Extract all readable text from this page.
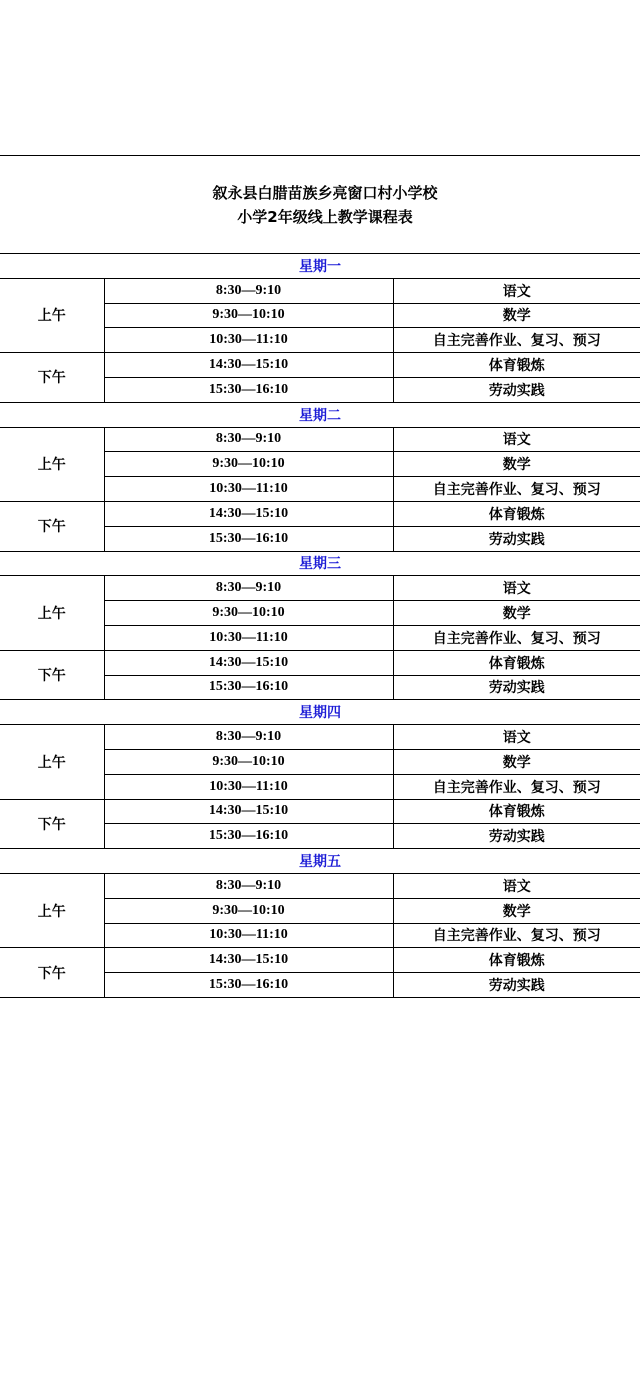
叙永县白腊苗族乡亮窗口村小学校
小学2年级线上教学课程表
星期一		
上午	8:30—9:10	语文
	9:30—10:10	数学
	10:30—11:10	自主完善作业、复习、预习
下午	14:30—15:10	体育锻炼
	15:30—16:10	劳动实践
星期二		
上午	8:30—9:10	语文
	9:30—10:10	数学
	10:30—11:10	自主完善作业、复习、预习
下午	14:30—15:10	体育锻炼
	15:30—16:10	劳动实践
星期三		
上午	8:30—9:10	语文
	9:30—10:10	数学
	10:30—11:10	自主完善作业、复习、预习
下午	14:30—15:10	体育锻炼
	15:30—16:10	劳动实践
星期四		
上午	8:30—9:10	语文
	9:30—10:10	数学
	10:30—11:10	自主完善作业、复习、预习
下午	14:30—15:10	体育锻炼
	15:30—16:10	劳动实践
星期五		
上午	8:30—9:10	语文
	9:30—10:10	数学
	10:30—11:10	自主完善作业、复习、预习
下午	14:30—15:10	体育锻炼
	15:30—16:10	劳动实践
